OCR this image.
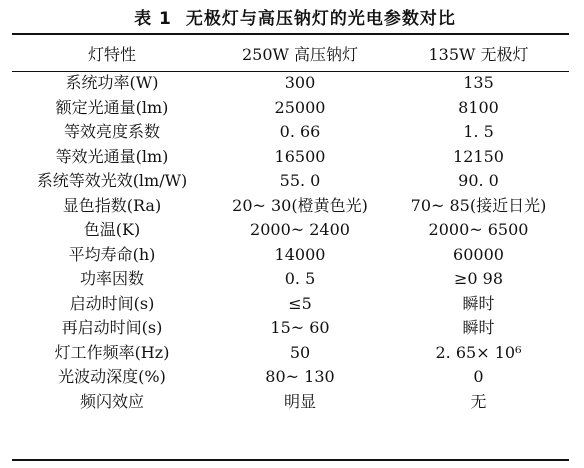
表 1 无极灯与高压钠灯的光电参数对比
灯特性	250W 高压钠灯	135W 无极灯
系统功率(W)	300	135
额定光通量(lm)	25000	8100
等效亮度系数	0. 66	1. 5
等效光通量(lm)	16500	12150
系统等效光效(lm/W)	55. 0	90. 0
显色指数(Ra)	20~ 30(橙黄色光)	70~ 85(接近日光)
色温(K)	2000~ 2400	2000~ 6500
平均寿命(h)	14000	60000
功率因数	0. 5	≥0 98
启动时间(s)	≤5	瞬时
再启动时间(s)	15~ 60	瞬时
灯工作频率(Hz)	50	2. 65× 10⁶
光波动深度(%)	80~ 130	0
频闪效应	明显	无
